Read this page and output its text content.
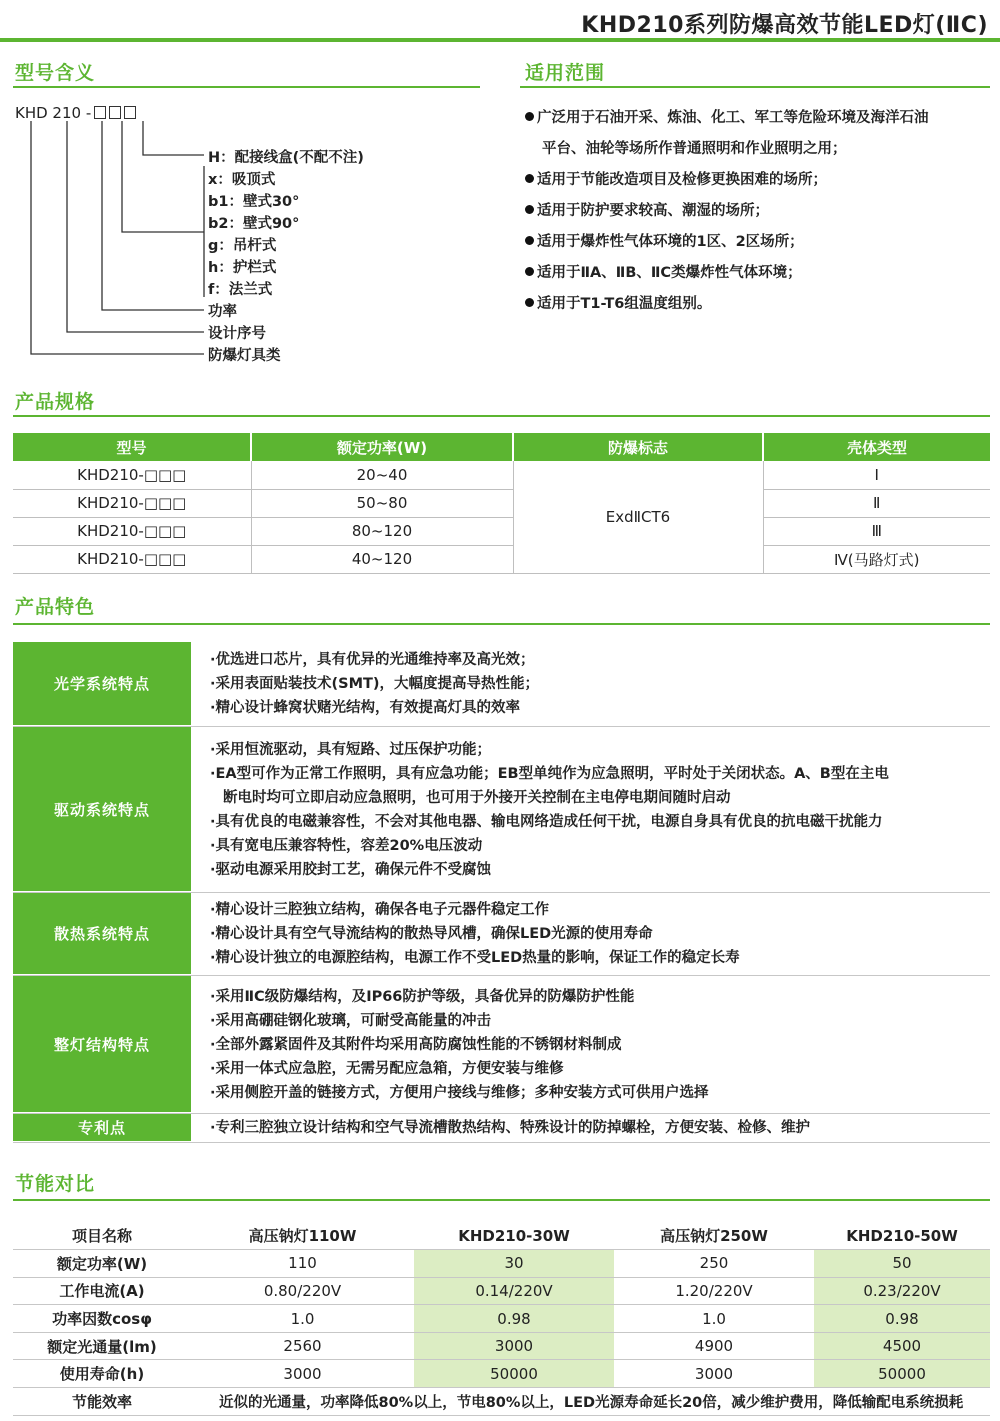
KHD210系列防爆高效节能LED灯(ⅡC)
型号含义	适用范围
KHD 210 -
H：配接线盒(不配不注)
x：吸顶式
b1：壁式30°
b2：壁式90°
g：吊杆式
h：护栏式
f：法兰式
功率
设计序号
防爆灯具类
广泛用于石油开采、炼油、化工、军工等危险环境及海洋石油
平台、油轮等场所作普通照明和作业照明之用；
适用于节能改造项目及检修更换困难的场所；
适用于防护要求较高、潮湿的场所；
适用于爆炸性气体环境的1区、2区场所；
适用于ⅡA、ⅡB、ⅡC类爆炸性气体环境；
适用于T1-T6组温度组别。
产品规格
型号	额定功率(W)	防爆标志	壳体类型
KHD210-□□□	20~40	ExdⅡCT6	Ⅰ
KHD210-□□□	50~80		Ⅱ
KHD210-□□□	80~120		Ⅲ
KHD210-□□□	40~120		Ⅳ(马路灯式)
产品特色
光学系统特点
·优选进口芯片，具有优异的光通维持率及高光效；
·采用表面贴装技术(SMT)，大幅度提高导热性能；
·精心设计蜂窝状赌光结构，有效提高灯具的效率
驱动系统特点
·采用恒流驱动，具有短路、过压保护功能；
·EA型可作为正常工作照明，具有应急功能；EB型单纯作为应急照明，平时处于关闭状态。A、B型在主电
断电时均可立即启动应急照明，也可用于外接开关控制在主电停电期间随时启动
·具有优良的电磁兼容性，不会对其他电器、输电网络造成任何干扰，电源自身具有优良的抗电磁干扰能力
·具有宽电压兼容特性，容差20%电压波动
·驱动电源采用胶封工艺，确保元件不受腐蚀
散热系统特点
·精心设计三腔独立结构，确保各电子元器件稳定工作
·精心设计具有空气导流结构的散热导风槽，确保LED光源的使用寿命
·精心设计独立的电源腔结构，电源工作不受LED热量的影响，保证工作的稳定长寿
整灯结构特点
·采用ⅡC级防爆结构，及IP66防护等级，具备优异的防爆防护性能
·采用高硼硅钢化玻璃，可耐受高能量的冲击
·全部外露紧固件及其附件均采用高防腐蚀性能的不锈钢材料制成
·采用一体式应急腔，无需另配应急箱，方便安装与维修
·采用侧腔开盖的链接方式，方便用户接线与维修；多种安装方式可供用户选择
专利点	·专利三腔独立设计结构和空气导流槽散热结构、特殊设计的防掉螺栓，方便安装、检修、维护
节能对比
项目名称	高压钠灯110W	KHD210-30W	高压钠灯250W	KHD210-50W
额定功率(W)	110	30	250	50
工作电流(A)	0.80/220V	0.14/220V	1.20/220V	0.23/220V
功率因数cosφ	1.0	0.98	1.0	0.98
额定光通量(lm)	2560	3000	4900	4500
使用寿命(h)	3000	50000	3000	50000
节能效率	近似的光通量，功率降低80%以上，节电80%以上，LED光源寿命延长20倍，减少维护费用，降低输配电系统损耗			
